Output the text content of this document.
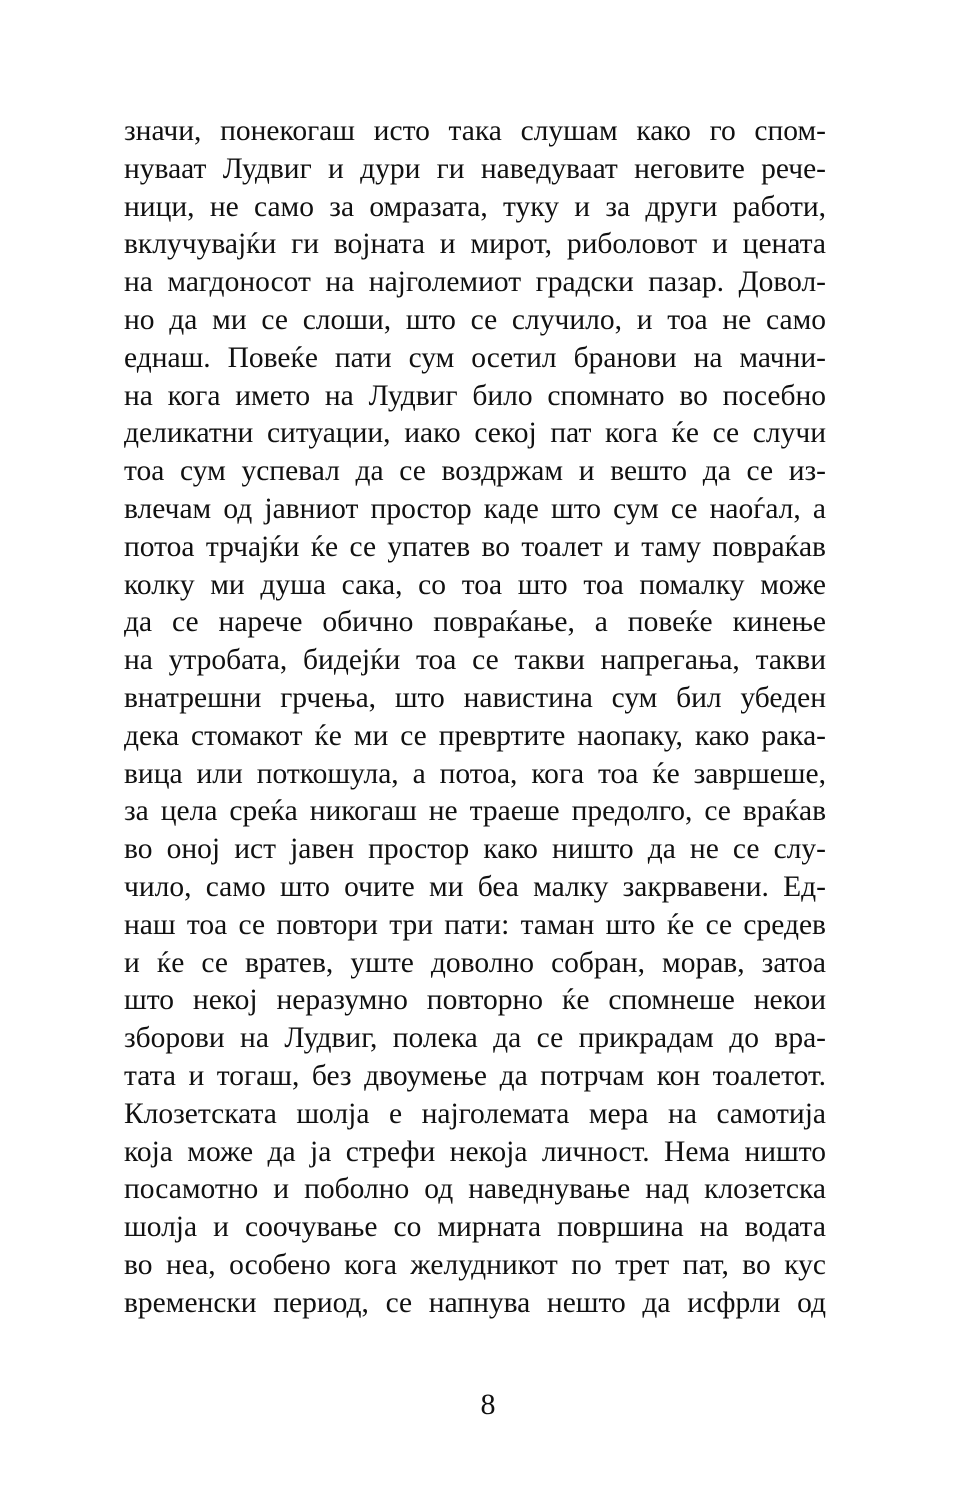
значи, понекогаш исто така слушам како го спом-
нуваат Лудвиг и дури ги наведуваат неговите рече-
ници, не само за омразата, туку и за други работи,
вклучувајќи ги војната и мирот, риболовот и цената
на магдоносот на најголемиот градски пазар. Довол-
но да ми се слоши, што се случило, и тоа не само
еднаш. Повеќе пати сум осетил бранови на мачни-
на кога името на Лудвиг било спомнато во посебно
деликатни ситуации, иако секој пат кога ќе се случи
тоа сум успевал да се воздржам и вешто да се из-
влечам од јавниот простор каде што сум се наоѓал, а
потоа трчајќи ќе се упатев во тоалет и таму повраќав
колку ми душа сака, со тоа што тоа помалку може
да се нарече обично повраќање, а повеќе кинење
на утробата, бидејќи тоа се такви напрегања, такви
внатрешни грчења, што навистина сум бил убеден
дека стомакот ќе ми се превртите наопаку, како рака-
вица или поткошула, а потоа, кога тоа ќе завршеше,
за цела среќа никогаш не траеше предолго, се враќав
во оној ист јавен простор како ништо да не се слу-
чило, само што очите ми беа малку закрвавени. Ед-
наш тоа се повтори три пати: таман што ќе се средев
и ќе се вратев, уште доволно собран, морав, затоа
што некој неразумно повторно ќе спомнеше некои
зборови на Лудвиг, полека да се прикрадам до вра-
тата и тогаш, без двоумење да потрчам кон тоалетот.
Клозетската шолја е најголемата мера на самотија
која може да ја стрефи некоја личност. Нема ништо
посамотно и поболно од наведнување над клозетска
шолја и соочување со мирната површина на водата
во неа, особено кога желудникот по трет пат, во кус
временски период, се напнува нешто да исфрли од
8
